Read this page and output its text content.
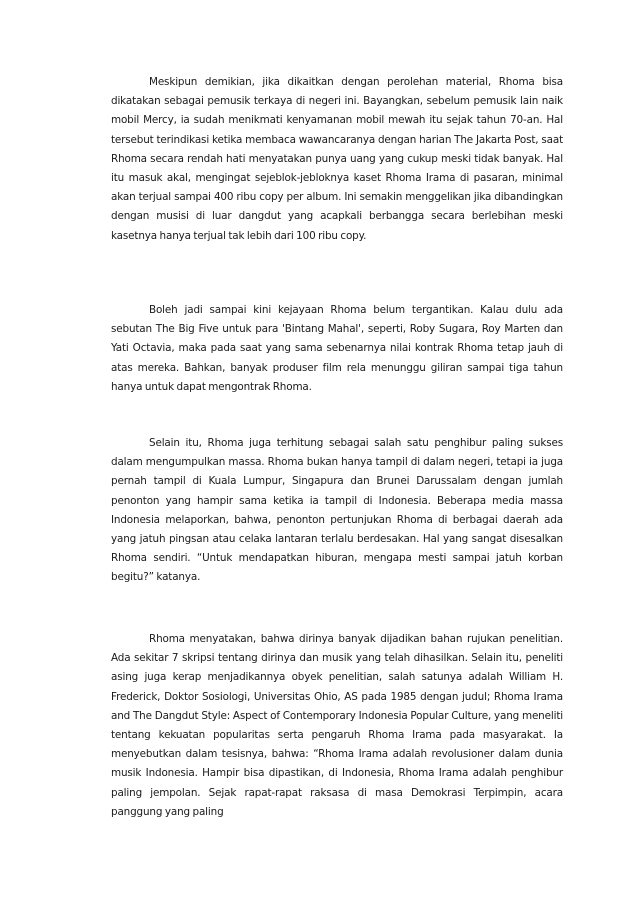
Meskipun demikian, jika dikaitkan dengan perolehan material, Rhoma bisa dikatakan sebagai pemusik terkaya di negeri ini. Bayangkan, sebelum pemusik lain naik mobil Mercy, ia sudah menikmati kenyamanan mobil mewah itu sejak tahun 70-an. Hal tersebut terindikasi ketika membaca wawancaranya dengan harian The Jakarta Post, saat Rhoma secara rendah hati menyatakan punya uang yang cukup meski tidak banyak. Hal itu masuk akal, mengingat sejeblok-jebloknya kaset Rhoma Irama di pasaran, minimal akan terjual sampai 400 ribu copy per album. Ini semakin menggelikan jika dibandingkan dengan musisi di luar dangdut yang acapkali berbangga secara berlebihan meski kasetnya hanya terjual tak lebih dari 100 ribu copy.

Boleh jadi sampai kini kejayaan Rhoma belum tergantikan. Kalau dulu ada sebutan The Big Five untuk para 'Bintang Mahal', seperti, Roby Sugara, Roy Marten dan Yati Octavia, maka pada saat yang sama sebenarnya nilai kontrak Rhoma tetap jauh di atas mereka. Bahkan, banyak produser film rela menunggu giliran sampai tiga tahun hanya untuk dapat mengontrak Rhoma.

Selain itu, Rhoma juga terhitung sebagai salah satu penghibur paling sukses dalam mengumpulkan massa. Rhoma bukan hanya tampil di dalam negeri, tetapi ia juga pernah tampil di Kuala Lumpur, Singapura dan Brunei Darussalam dengan jumlah penonton yang hampir sama ketika ia tampil di Indonesia. Beberapa media massa Indonesia melaporkan, bahwa, penonton pertunjukan Rhoma di berbagai daerah ada yang jatuh pingsan atau celaka lantaran terlalu berdesakan. Hal yang sangat disesalkan Rhoma sendiri. “Untuk mendapatkan hiburan, mengapa mesti sampai jatuh korban begitu?” katanya.

Rhoma menyatakan, bahwa dirinya banyak dijadikan bahan rujukan penelitian. Ada sekitar 7 skripsi tentang dirinya dan musik yang telah dihasilkan. Selain itu, peneliti asing juga kerap menjadikannya obyek penelitian, salah satunya adalah William H. Frederick, Doktor Sosiologi, Universitas Ohio, AS pada 1985 dengan judul; Rhoma Irama and The Dangdut Style: Aspect of Contemporary Indonesia Popular Culture, yang meneliti tentang kekuatan popularitas serta pengaruh Rhoma Irama pada masyarakat. Ia menyebutkan dalam tesisnya, bahwa: “Rhoma Irama adalah revolusioner dalam dunia musik Indonesia. Hampir bisa dipastikan, di Indonesia, Rhoma Irama adalah penghibur paling jempolan. Sejak rapat-rapat raksasa di masa Demokrasi Terpimpin, acara panggung yang paling
